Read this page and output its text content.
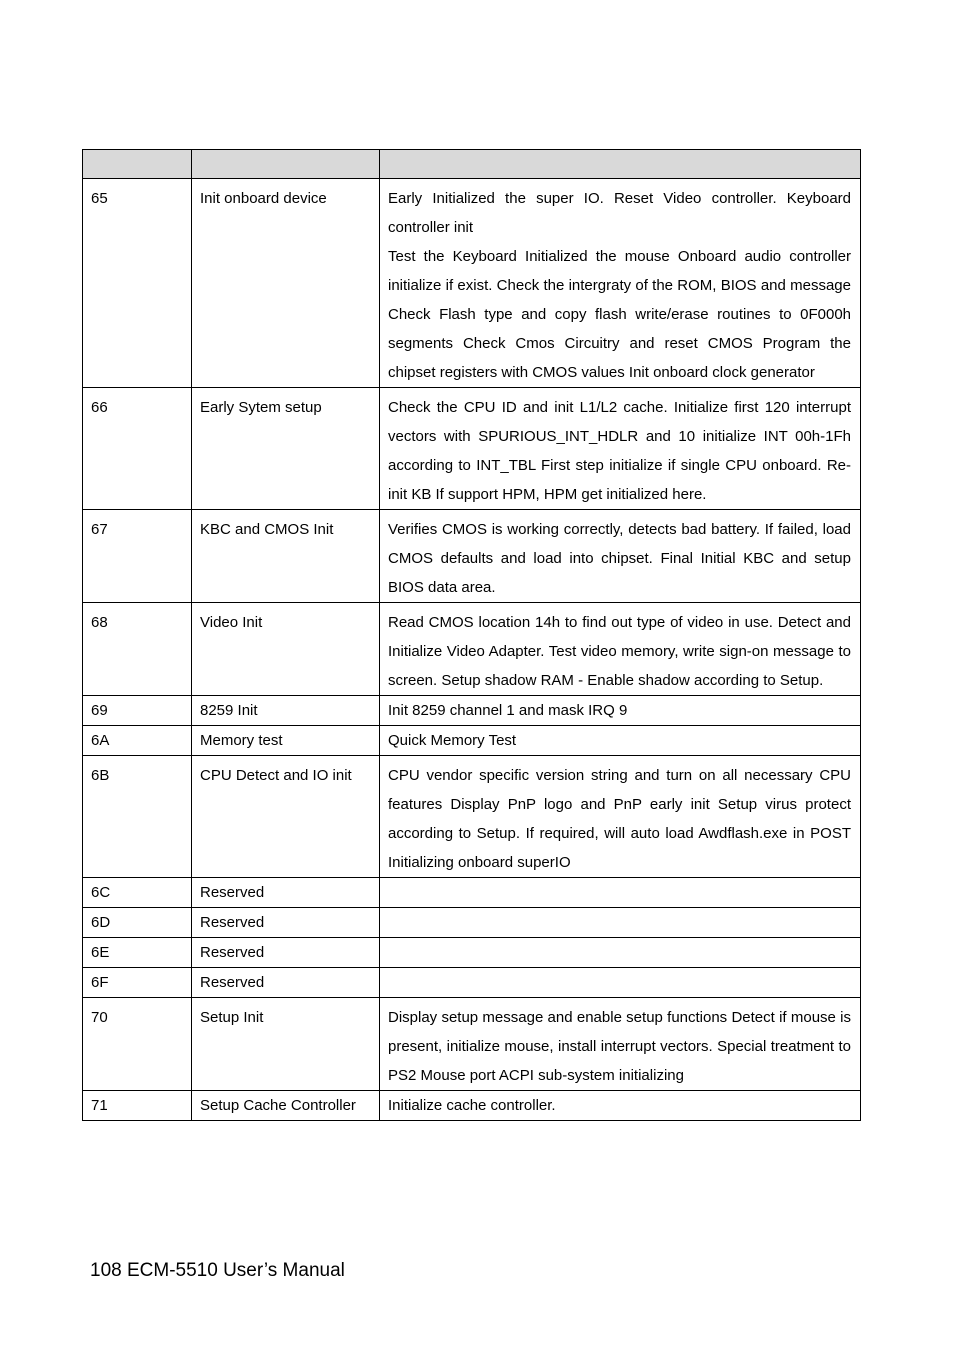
65	Init onboard device	Early Initialized the super IO. Reset Video controller. Keyboard controller init
Test the Keyboard Initialized the mouse Onboard audio controller initialize if exist. Check the intergraty of the ROM, BIOS and message Check Flash type and copy flash write/erase routines to 0F000h segments Check Cmos Circuitry and reset CMOS Program the chipset registers with CMOS values Init onboard clock generator

66	Early Sytem setup	Check the CPU ID and init L1/L2 cache. Initialize first 120 interrupt vectors with SPURIOUS_INT_HDLR and 10 initialize INT 00h-1Fh according to INT_TBL First step initialize if single CPU onboard. Re-init KB If support HPM, HPM get initialized here.

67	KBC and CMOS Init	Verifies CMOS is working correctly, detects bad battery. If failed, load CMOS defaults and load into chipset. Final Initial KBC and setup BIOS data area.

68	Video Init	Read CMOS location 14h to find out type of video in use. Detect and Initialize Video Adapter. Test video memory, write sign-on message to screen. Setup shadow RAM - Enable shadow according to Setup.

69	8259 Init	Init 8259 channel 1 and mask IRQ 9

6A	Memory test	Quick Memory Test

6B	CPU Detect and IO init	CPU vendor specific version string and turn on all necessary CPU features Display PnP logo and PnP early init Setup virus protect according to Setup. If required, will auto load Awdflash.exe in POST Initializing onboard superIO

6C	Reserved	

6D	Reserved	

6E	Reserved	

6F	Reserved	

70	Setup Init	Display setup message and enable setup functions Detect if mouse is present, initialize mouse, install interrupt vectors. Special treatment to PS2 Mouse port ACPI sub-system initializing

71	Setup Cache Controller	Initialize cache controller.
108 ECM-5510 User’s Manual
